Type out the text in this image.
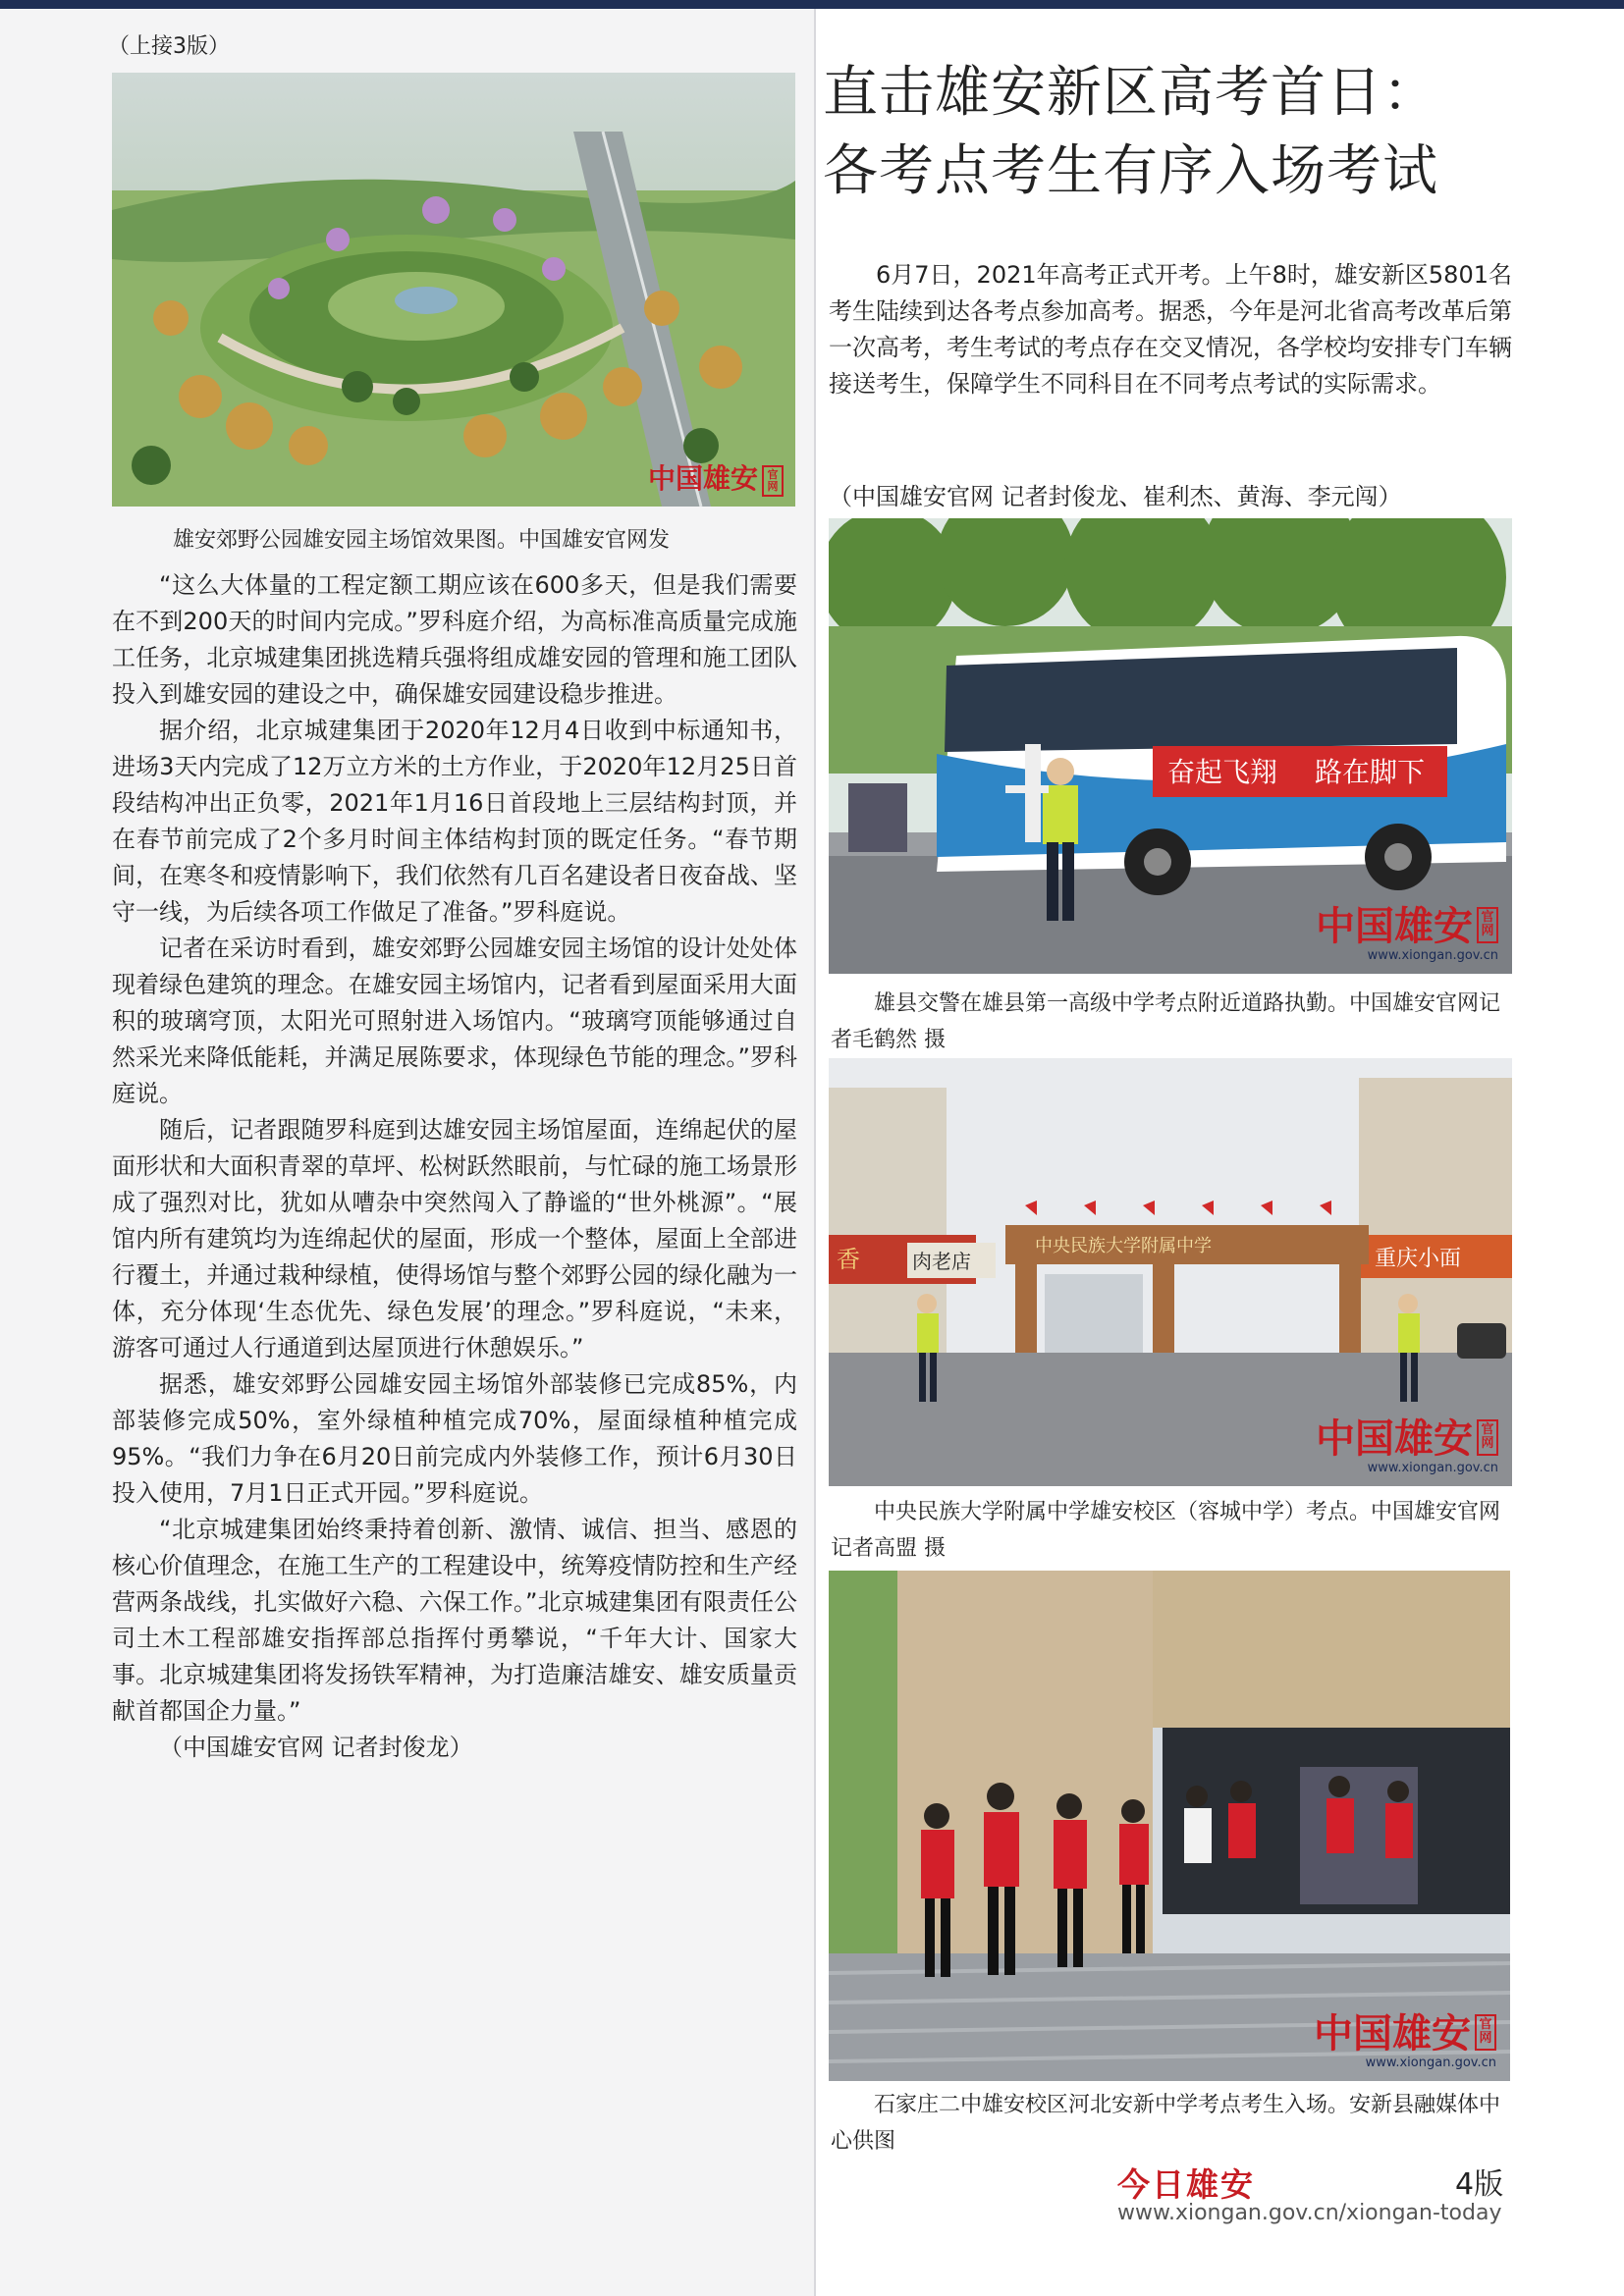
（上接3版）
中国雄安 官网
雄安郊野公园雄安园主场馆效果图。中国雄安官网发

“这么大体量的工程定额工期应该在600多天，但是我们需要在不到200天的时间内完成。”罗科庭介绍，为高标准高质量完成施工任务，北京城建集团挑选精兵强将组成雄安园的管理和施工团队投入到雄安园的建设之中，确保雄安园建设稳步推进。

据介绍，北京城建集团于2020年12月4日收到中标通知书，进场3天内完成了12万立方米的土方作业，于2020年12月25日首段结构冲出正负零，2021年1月16日首段地上三层结构封顶，并在春节前完成了2个多月时间主体结构封顶的既定任务。“春节期间，在寒冬和疫情影响下，我们依然有几百名建设者日夜奋战、坚守一线，为后续各项工作做足了准备。”罗科庭说。

记者在采访时看到，雄安郊野公园雄安园主场馆的设计处处体现着绿色建筑的理念。在雄安园主场馆内，记者看到屋面采用大面积的玻璃穹顶，太阳光可照射进入场馆内。“玻璃穹顶能够通过自然采光来降低能耗，并满足展陈要求，体现绿色节能的理念。”罗科庭说。

随后，记者跟随罗科庭到达雄安园主场馆屋面，连绵起伏的屋面形状和大面积青翠的草坪、松树跃然眼前，与忙碌的施工场景形成了强烈对比，犹如从嘈杂中突然闯入了静谧的“世外桃源”。“展馆内所有建筑均为连绵起伏的屋面，形成一个整体，屋面上全部进行覆土，并通过栽种绿植，使得场馆与整个郊野公园的绿化融为一体，充分体现‘生态优先、绿色发展’的理念。”罗科庭说，“未来，游客可通过人行通道到达屋顶进行休憩娱乐。”

据悉，雄安郊野公园雄安园主场馆外部装修已完成85%，内部装修完成50%，室外绿植种植完成70%，屋面绿植种植完成95%。“我们力争在6月20日前完成内外装修工作，预计6月30日投入使用，7月1日正式开园。”罗科庭说。

“北京城建集团始终秉持着创新、激情、诚信、担当、感恩的核心价值理念，在施工生产的工程建设中，统筹疫情防控和生产经营两条战线，扎实做好六稳、六保工作。”北京城建集团有限责任公司土木工程部雄安指挥部总指挥付勇攀说，“千年大计、国家大事。北京城建集团将发扬铁军精神，为打造廉洁雄安、雄安质量贡献首都国企力量。”

（中国雄安官网 记者封俊龙）

直击雄安新区高考首日：
各考点考生有序入场考试

6月7日，2021年高考正式开考。上午8时，雄安新区5801名考生陆续到达各考点参加高考。据悉，今年是河北省高考改革后第一次高考，考生考试的考点存在交叉情况，各学校均安排专门车辆接送考生，保障学生不同科目在不同考点考试的实际需求。

（中国雄安官网 记者封俊龙、崔利杰、黄海、李元闯）
奋起飞翔 路在脚下
中国雄安 官网
www.xiongan.gov.cn
雄县交警在雄县第一高级中学考点附近道路执勤。中国雄安官网记者毛鹤然 摄
香	肉老店	重庆小面
中央民族大学附属中学
中国雄安 官网
www.xiongan.gov.cn
中央民族大学附属中学雄安校区（容城中学）考点。中国雄安官网记者高盟 摄
中国雄安 官网
www.xiongan.gov.cn
石家庄二中雄安校区河北安新中学考点考生入场。安新县融媒体中心供图
今日雄安	4版
www.xiongan.gov.cn/xiongan-today
